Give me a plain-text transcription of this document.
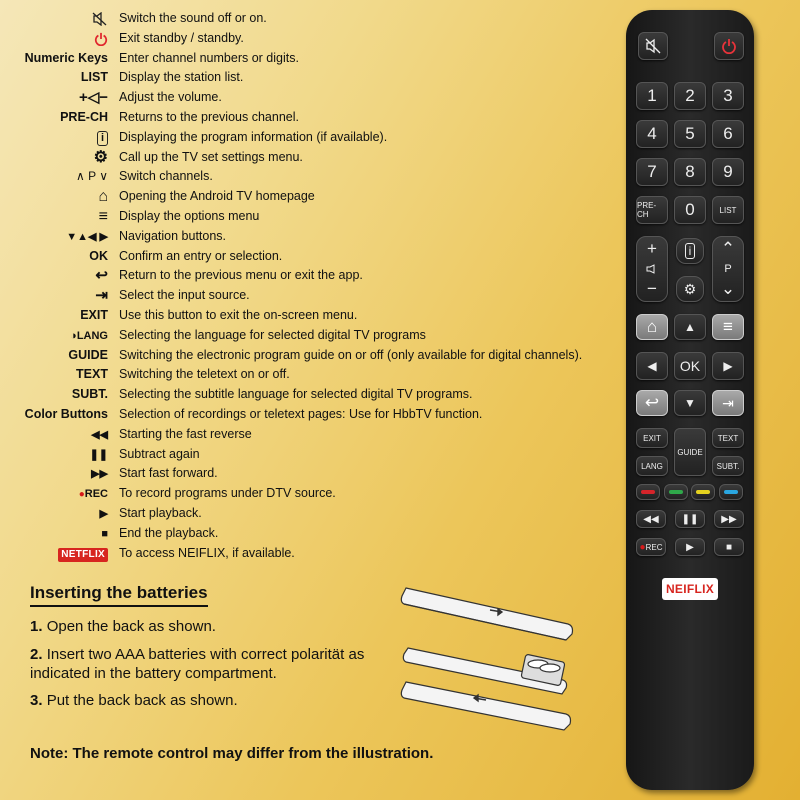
Switch the sound off or on.
Exit standby / standby.
Numeric Keys Enter channel numbers or digits.
LIST Display the station list.
+◁− Adjust the volume.
PRE-CH Returns to the previous channel.
i	Displaying the program information (if available).
⚙ Call up the TV set settings menu.
∧ P ∨ Switch channels.
⌂ Opening the Android TV homepage
≡ Display the options menu
▼▲◀ ▶ Navigation buttons.
OK Confirm an entry or selection.
↩ Return to the previous menu or exit the app.
⇥ Select the input source.
EXIT Use this button to exit the on-screen menu.
◑LANG Selecting the language for selected digital TV programs
GUIDE Switching the electronic program guide on or off (only available for digital channels).
TEXT Switching the teletext on or off.
SUBT. Selecting the subtitle language for selected digital TV programs.
Color Buttons Selection of recordings or teletext pages: Use for HbbTV function.
◀◀ Starting the fast reverse
❚❚ Subtract again
▶▶ Start fast forward.
●REC To record programs under DTV source.
▶ Start playback.
■ End the playback.
NETFLIX To access NEIFLIX, if available.
Inserting the batteries
1. Open the back as shown.
2. Insert two AAA batteries with correct polarität as indicated in the battery compartment.
3. Put the back back as shown.
Note: The remote control may differ from the illustration.
1	2	3
4	5	6
7	8	9
PRE-CH	0	LIST
+
−
⌃
P
⌄
i
⚙
⌂	≡
↩	⇥
▲
◀	OK	▶
▼
EXIT
GUIDE
TEXT
LANG	SUBT.
◀◀ ❚❚ ▶▶
● REC ▶	■
NEIFLIX
